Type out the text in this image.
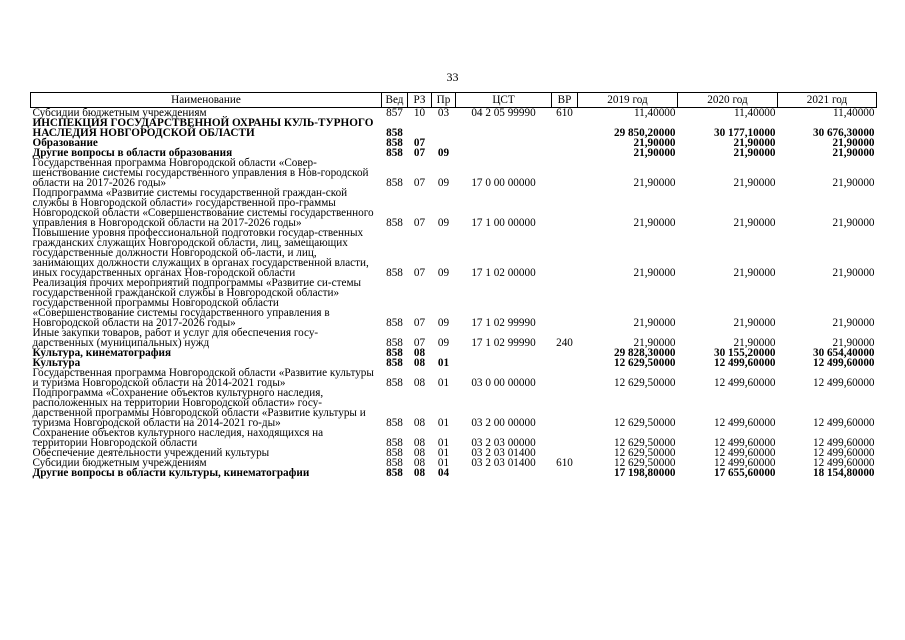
33
Наименование	Вед	РЗ	Пр	ЦСТ	ВР	2019 год	2020 год	2021 год
Субсидии бюджетным учреждениям	857	10	03	04 2 05 99990	610	11,40000	11,40000	11,40000
ИНСПЕКЦИЯ ГОСУДАРСТВЕННОЙ ОХРАНЫ КУЛЬ-ТУРНОГО НАСЛЕДИЯ НОВГОРОДСКОЙ ОБЛАСТИ	858					29 850,20000	30 177,10000	30 676,30000
Образование	858	07				21,90000	21,90000	21,90000
Другие вопросы в области образования	858	07	09			21,90000	21,90000	21,90000
Государственная программа Новгородской области «Совер-шенствование системы государственного управления в Нов-городской области на 2017-2026 годы»	858	07	09	17 0 00 00000		21,90000	21,90000	21,90000
Подпрограмма «Развитие системы государственной граждан-ской службы в Новгородской области» государственной про-граммы Новгородской области «Совершенствование системы государственного управления в Новгородской области на 2017-2026 годы»	858	07	09	17 1 00 00000		21,90000	21,90000	21,90000
Повышение уровня профессиональной подготовки государ-ственных гражданских служащих Новгородской области, лиц, замещающих государственные должности Новгородской об-ласти, и лиц, занимающих должности служащих в органах государственной власти, иных государственных органах Нов-городской области	858	07	09	17 1 02 00000		21,90000	21,90000	21,90000
Реализация прочих мероприятий подпрограммы «Развитие си-стемы государственной гражданской службы в Новгородской области» государственной программы Новгородской области «Совершенствование системы государственного управления в Новгородской области на 2017-2026 годы»	858	07	09	17 1 02 99990		21,90000	21,90000	21,90000
Иные закупки товаров, работ и услуг для обеспечения госу-дарственных (муниципальных) нужд	858	07	09	17 1 02 99990	240	21,90000	21,90000	21,90000
Культура, кинематография	858	08				29 828,30000	30 155,20000	30 654,40000
Культура	858	08	01			12 629,50000	12 499,60000	12 499,60000
Государственная программа Новгородской области «Развитие культуры и туризма Новгородской области на 2014-2021 годы»	858	08	01	03 0 00 00000		12 629,50000	12 499,60000	12 499,60000
Подпрограмма «Сохранение объектов культурного наследия, расположенных на территории Новгородской области» госу-дарственной программы Новгородской области «Развитие культуры и туризма Новгородской области на 2014-2021 го-ды»	858	08	01	03 2 00 00000		12 629,50000	12 499,60000	12 499,60000
Сохранение объектов культурного наследия, находящихся на территории Новгородской области	858	08	01	03 2 03 00000		12 629,50000	12 499,60000	12 499,60000
Обеспечение деятельности учреждений культуры	858	08	01	03 2 03 01400		12 629,50000	12 499,60000	12 499,60000
Субсидии бюджетным учреждениям	858	08	01	03 2 03 01400	610	12 629,50000	12 499,60000	12 499,60000
Другие вопросы в области культуры, кинематографии	858	08	04			17 198,80000	17 655,60000	18 154,80000
